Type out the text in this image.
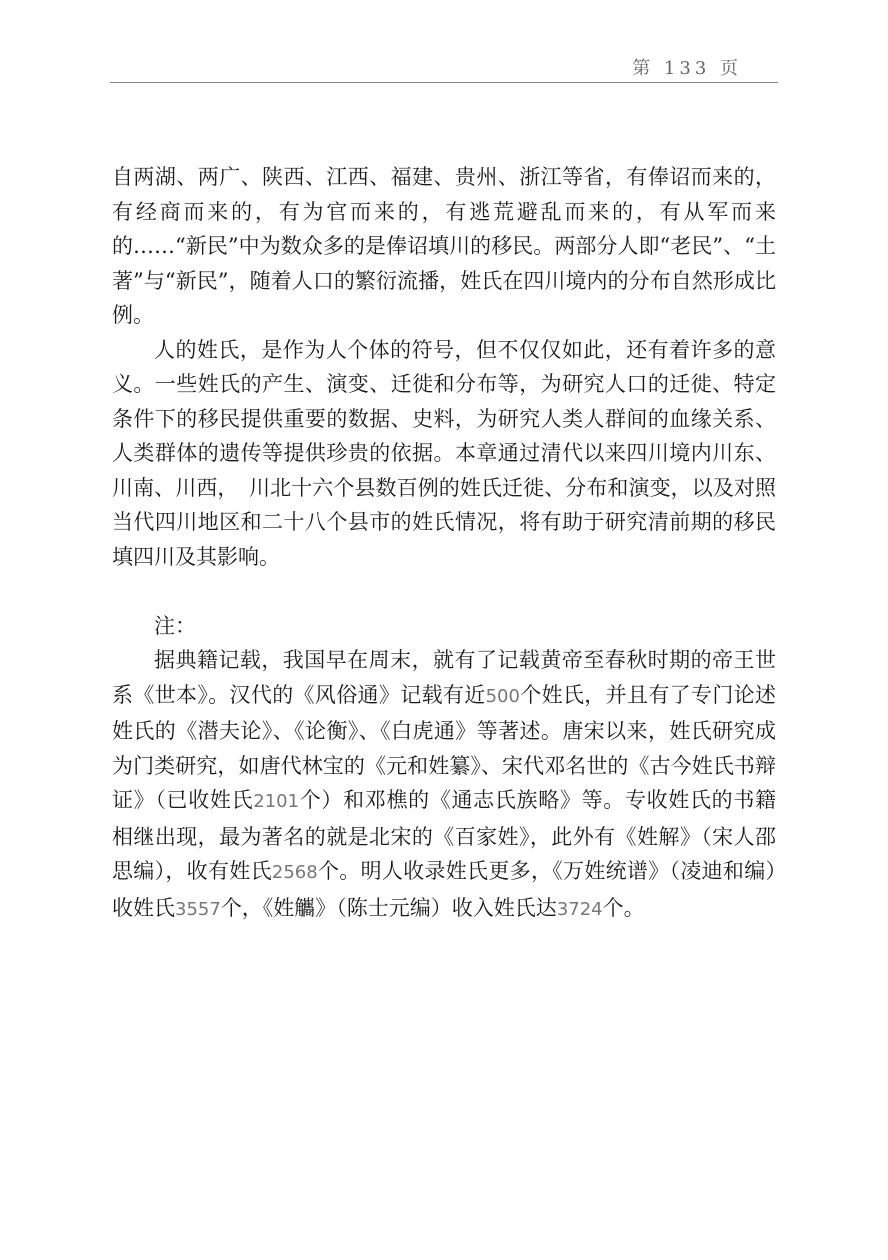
第 133 页

自两湖、两广、陕西、江西、福建、贵州、浙江等省，有俸诏而来的，有经商而来的，有为官而来的，有逃荒避乱而来的，有从军而来的……“新民”中为数众多的是俸诏填川的移民。两部分人即“老民”、“土著”与“新民”，随着人口的繁衍流播，姓氏在四川境内的分布自然形成比例。

人的姓氏，是作为人个体的符号，但不仅仅如此，还有着许多的意义。一些姓氏的产生、演变、迁徙和分布等，为研究人口的迁徙、特定条件下的移民提供重要的数据、史料，为研究人类人群间的血缘关系、人类群体的遗传等提供珍贵的依据。本章通过清代以来四川境内川东、川南、川西，　川北十六个县数百例的姓氏迁徙、分布和演变，以及对照当代四川地区和二十八个县市的姓氏情况，将有助于研究清前期的移民填四川及其影响。

注：

据典籍记载，我国早在周末，就有了记载黄帝至春秋时期的帝王世系《世本》。汉代的《风俗通》记载有近500个姓氏，并且有了专门论述姓氏的《潜夫论》、《论衡》、《白虎通》等著述。唐宋以来，姓氏研究成为门类研究，如唐代林宝的《元和姓纂》、宋代邓名世的《古今姓氏书辩证》（已收姓氏2101个）和邓樵的《通志氏族略》等。专收姓氏的书籍相继出现，最为著名的就是北宋的《百家姓》，此外有《姓解》（宋人邵思编），收有姓氏2568个。明人收录姓氏更多，《万姓统谱》（凌迪和编）收姓氏3557个，《姓觿》（陈士元编）收入姓氏达3724个。
